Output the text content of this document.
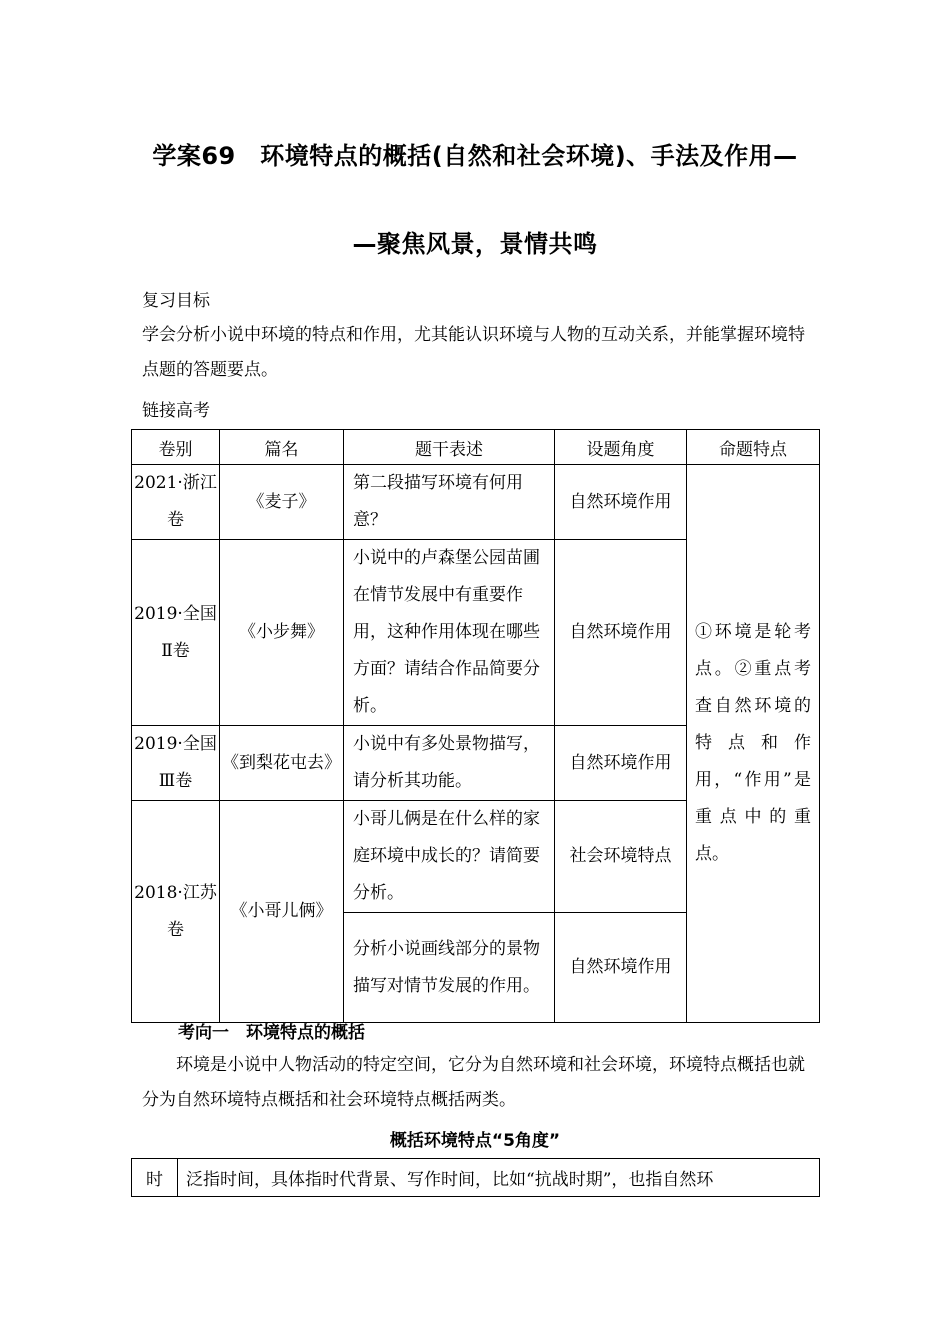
学案69　环境特点的概括(自然和社会环境)、手法及作用—
—聚焦风景，景情共鸣
复习目标
学会分析小说中环境的特点和作用，尤其能认识环境与人物的互动关系，并能掌握环境特点题的答题要点。
链接高考
卷别	篇名	题干表述	设题角度	命题特点
2021·浙江卷	《麦子》	第二段描写环境有何用意？	自然环境作用	①环境是轮考点。②重点考查自然环境的特点和作用，“作用”是重点中的重点。
2019·全国Ⅱ卷	《小步舞》	小说中的卢森堡公园苗圃在情节发展中有重要作用，这种作用体现在哪些方面？请结合作品简要分析。	自然环境作用	
2019·全国Ⅲ卷	《到梨花屯去》	小说中有多处景物描写，请分析其功能。	自然环境作用	
2018·江苏卷	《小哥儿俩》	小哥儿俩是在什么样的家庭环境中成长的？请简要分析。	社会环境特点	
		分析小说画线部分的景物描写对情节发展的作用。	自然环境作用	
考向一　环境特点的概括
环境是小说中人物活动的特定空间，它分为自然环境和社会环境，环境特点概括也就分为自然环境特点概括和社会环境特点概括两类。
概括环境特点“5角度”
时	泛指时间，具体指时代背景、写作时间，比如“抗战时期”，也指自然环
